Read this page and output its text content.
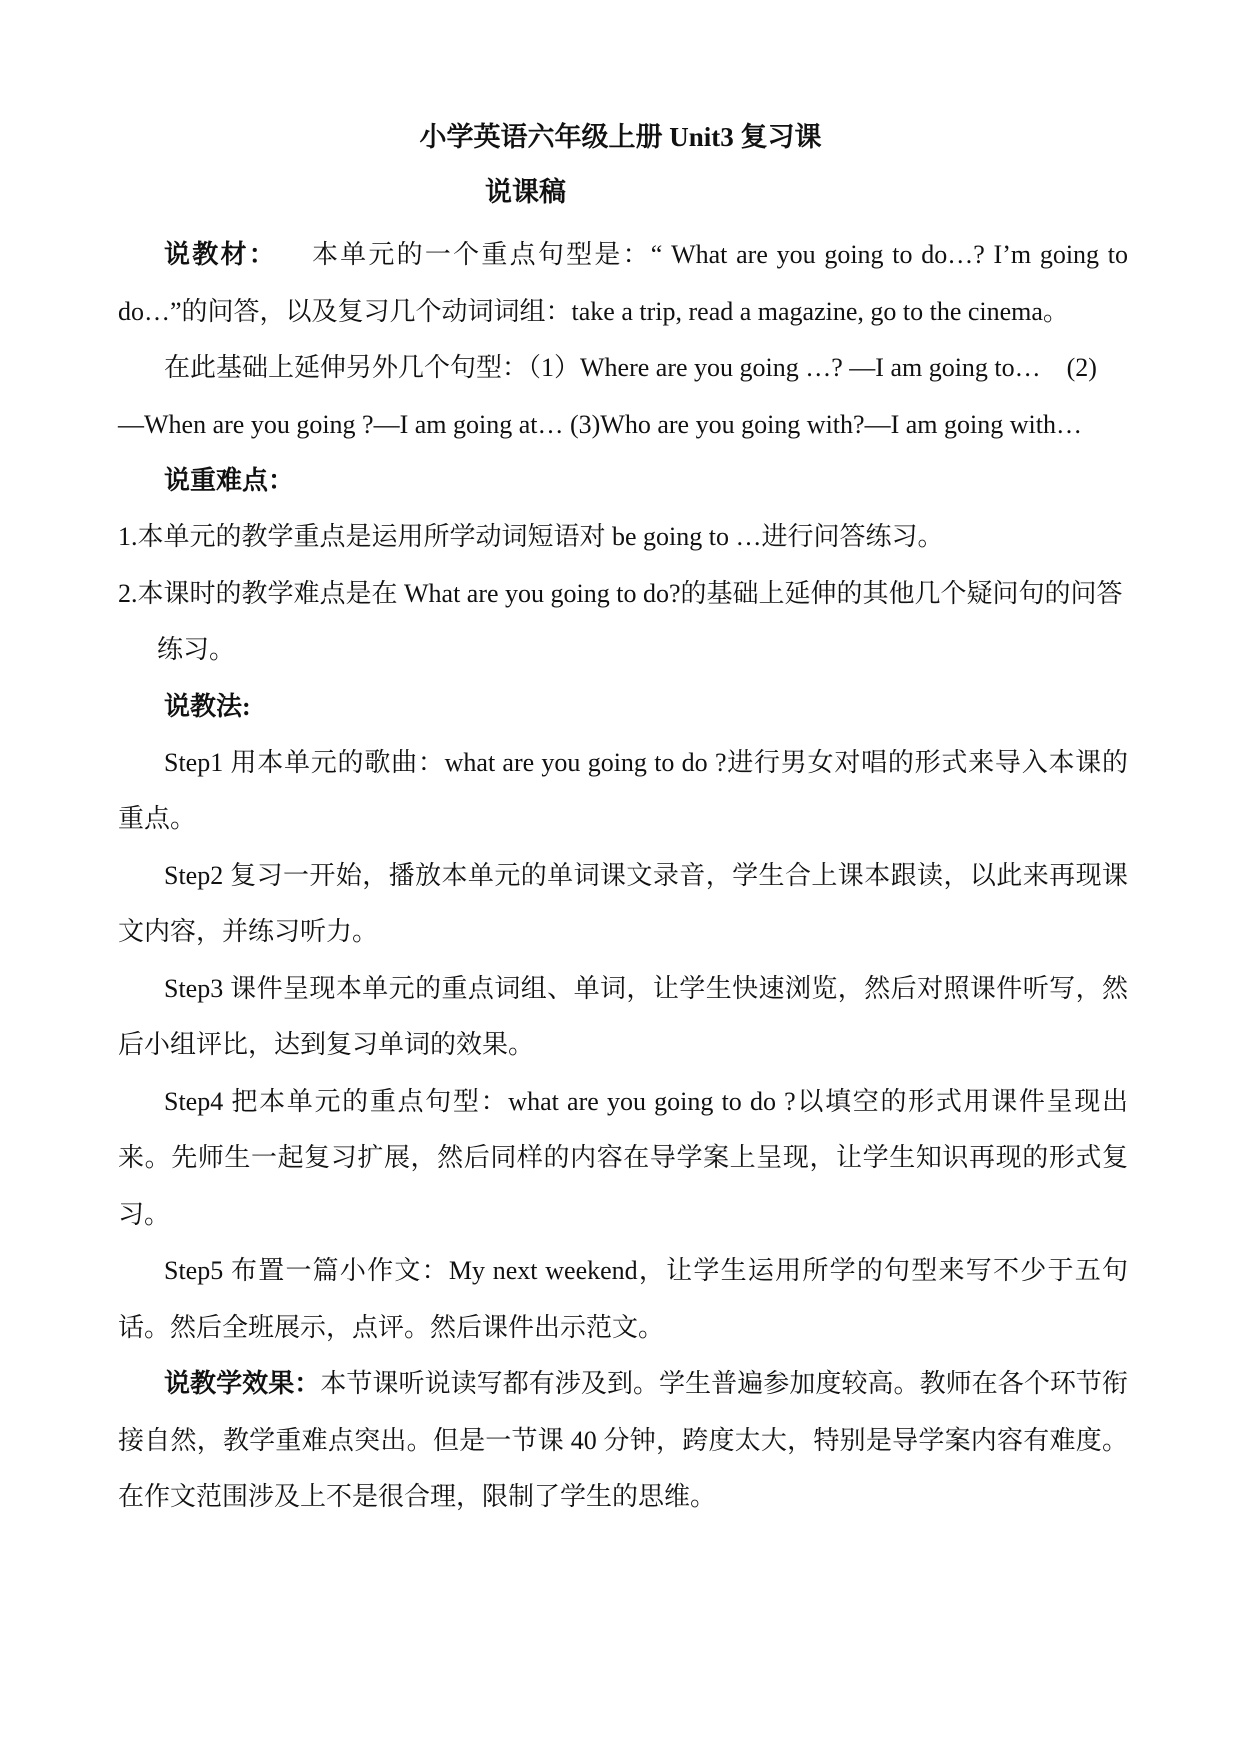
小学英语六年级上册 Unit3 复习课
说课稿

说教材： 本单元的一个重点句型是：“ What are you going to do…? I’m going to do…”的问答，以及复习几个动词词组：take a trip, read a magazine, go to the cinema。

在此基础上延伸另外几个句型：（1）Where are you going …? —I am going to…    (2) —When are you going ?—I am going at… (3)Who are you going with?—I am going with…

说重难点：

1.本单元的教学重点是运用所学动词短语对 be going to …进行问答练习。

2.本课时的教学难点是在 What are you going to do?的基础上延伸的其他几个疑问句的问答练习。

说教法:

Step1 用本单元的歌曲：what are you going to do ?进行男女对唱的形式来导入本课的重点。

Step2 复习一开始，播放本单元的单词课文录音，学生合上课本跟读，以此来再现课文内容，并练习听力。

Step3 课件呈现本单元的重点词组、单词，让学生快速浏览，然后对照课件听写，然后小组评比，达到复习单词的效果。

Step4 把本单元的重点句型：what are you going to do ?以填空的形式用课件呈现出来。先师生一起复习扩展，然后同样的内容在导学案上呈现，让学生知识再现的形式复习。

Step5 布置一篇小作文：My next weekend，让学生运用所学的句型来写不少于五句话。然后全班展示，点评。然后课件出示范文。

说教学效果：本节课听说读写都有涉及到。学生普遍参加度较高。教师在各个环节衔接自然，教学重难点突出。但是一节课 40 分钟，跨度太大，特别是导学案内容有难度。在作文范围涉及上不是很合理，限制了学生的思维。
